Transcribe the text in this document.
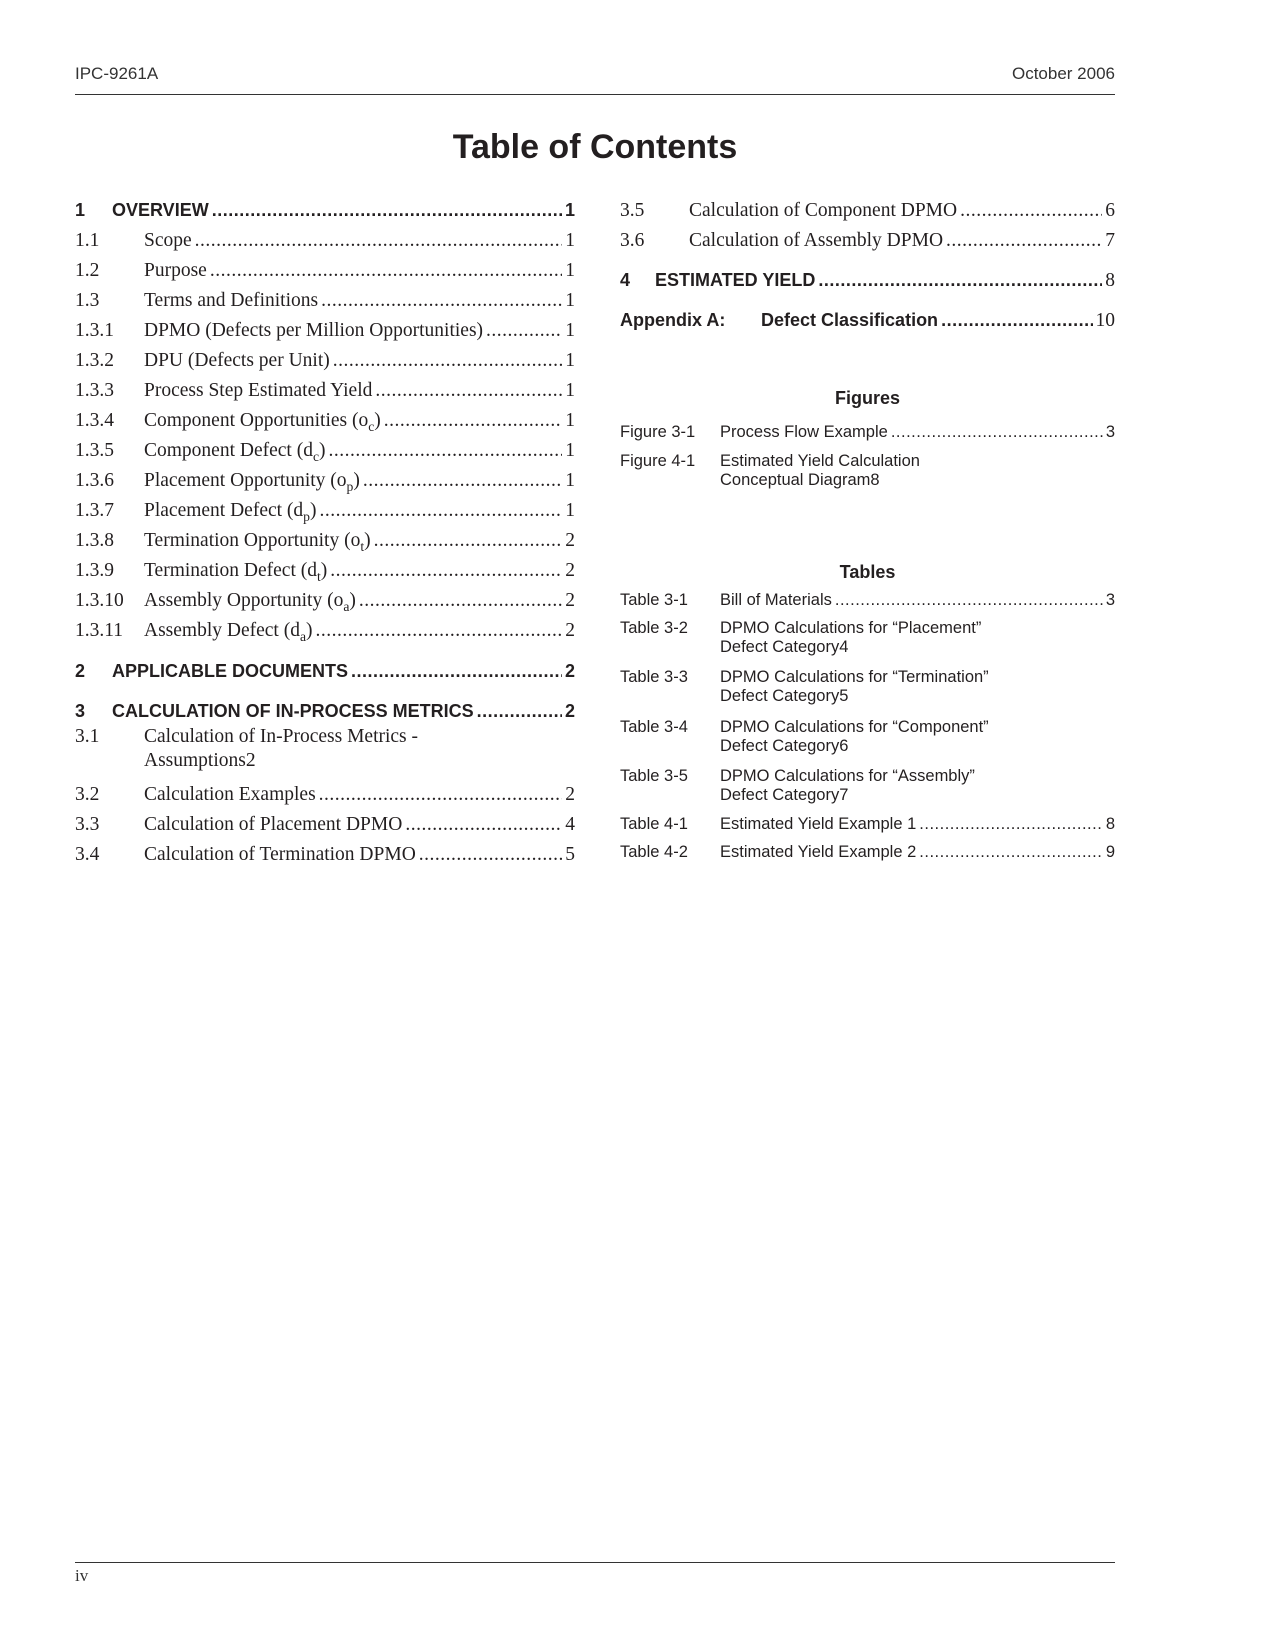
IPC-9261A	October 2006
Table of Contents
1	OVERVIEW .....	1
1.1	Scope .....	1
1.2	Purpose .....	1
1.3	Terms and Definitions .....	1
1.3.1	DPMO (Defects per Million Opportunities) .....	1
1.3.2	DPU (Defects per Unit) .....	1
1.3.3	Process Step Estimated Yield .....	1
1.3.4	Component Opportunities $(o_c)$ .....	1
1.3.5	Component Defect $(d_c)$ .....	1
1.3.6	Placement Opportunity $(o_p)$ .....	1
1.3.7	Placement Defect $(d_p)$ .....	1
1.3.8	Termination Opportunity $(o_t)$ .....	2
1.3.9	Termination Defect $(d_t)$ .....	2
1.3.10	Assembly Opportunity $(o_a)$ .....	2
1.3.11	Assembly Defect $(d_a)$ .....	2
2	APPLICABLE DOCUMENTS .....	2
3	CALCULATION OF IN-PROCESS METRICS .....	2
3.1	Calculation of In-Process Metrics -
Assumptions 2
3.2	Calculation Examples .....	2
3.3	Calculation of Placement DPMO .....	4
3.4	Calculation of Termination DPMO .....	5
3.5	Calculation of Component DPMO .....	6
3.6	Calculation of Assembly DPMO .....	7
4	ESTIMATED YIELD .....	8
Appendix A:	Defect Classification .....	10
Figures
Figure 3-1	Process Flow Example .....	3
Figure 4-1	Estimated Yield Calculation
Conceptual Diagram 8
Tables
Table 3-1	Bill of Materials .....	3
Table 3-2	DPMO Calculations for “Placement”
Defect Category 4
Table 3-3	DPMO Calculations for “Termination”
Defect Category 5
Table 3-4	DPMO Calculations for “Component”
Defect Category 6
Table 3-5	DPMO Calculations for “Assembly”
Defect Category 7
Table 4-1	Estimated Yield Example 1 .....	8
Table 4-2	Estimated Yield Example 2 .....	9
iv
